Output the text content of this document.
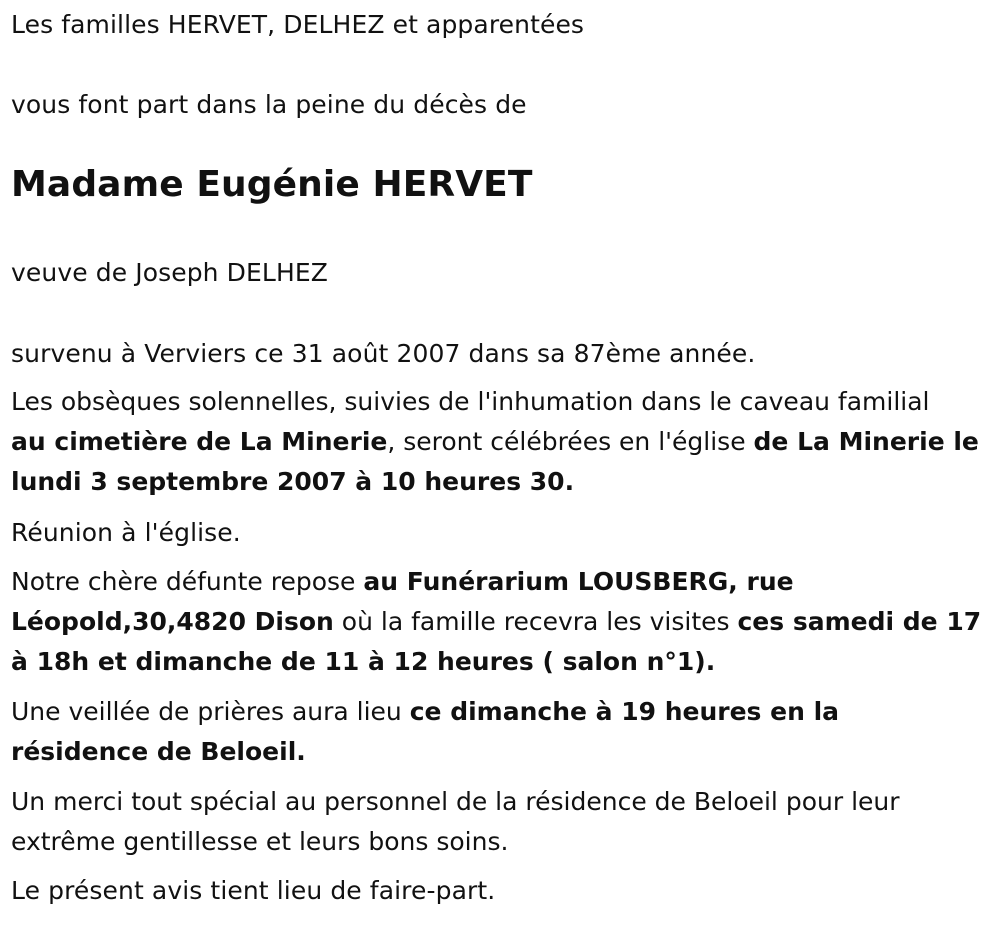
Les familles HERVET, DELHEZ et apparentées
vous font part dans la peine du décès de
Madame Eugénie HERVET
veuve de Joseph DELHEZ
survenu à Verviers ce 31 août 2007 dans sa 87ème année.

Les obsèques solennelles, suivies de l'inhumation dans le caveau familial

au cimetière de La Minerie, seront célébrées en l'église de La Minerie le

lundi 3 septembre 2007 à 10 heures 30.

Réunion à l'église.

Notre chère défunte repose au Funérarium LOUSBERG, rue

Léopold,30,4820 Dison où la famille recevra les visites ces samedi de 17

à 18h et dimanche de 11 à 12 heures ( salon n°1).

Une veillée de prières aura lieu ce dimanche à 19 heures en la

résidence de Beloeil.

Un merci tout spécial au personnel de la résidence de Beloeil pour leur

extrême gentillesse et leurs bons soins.

Le présent avis tient lieu de faire-part.
